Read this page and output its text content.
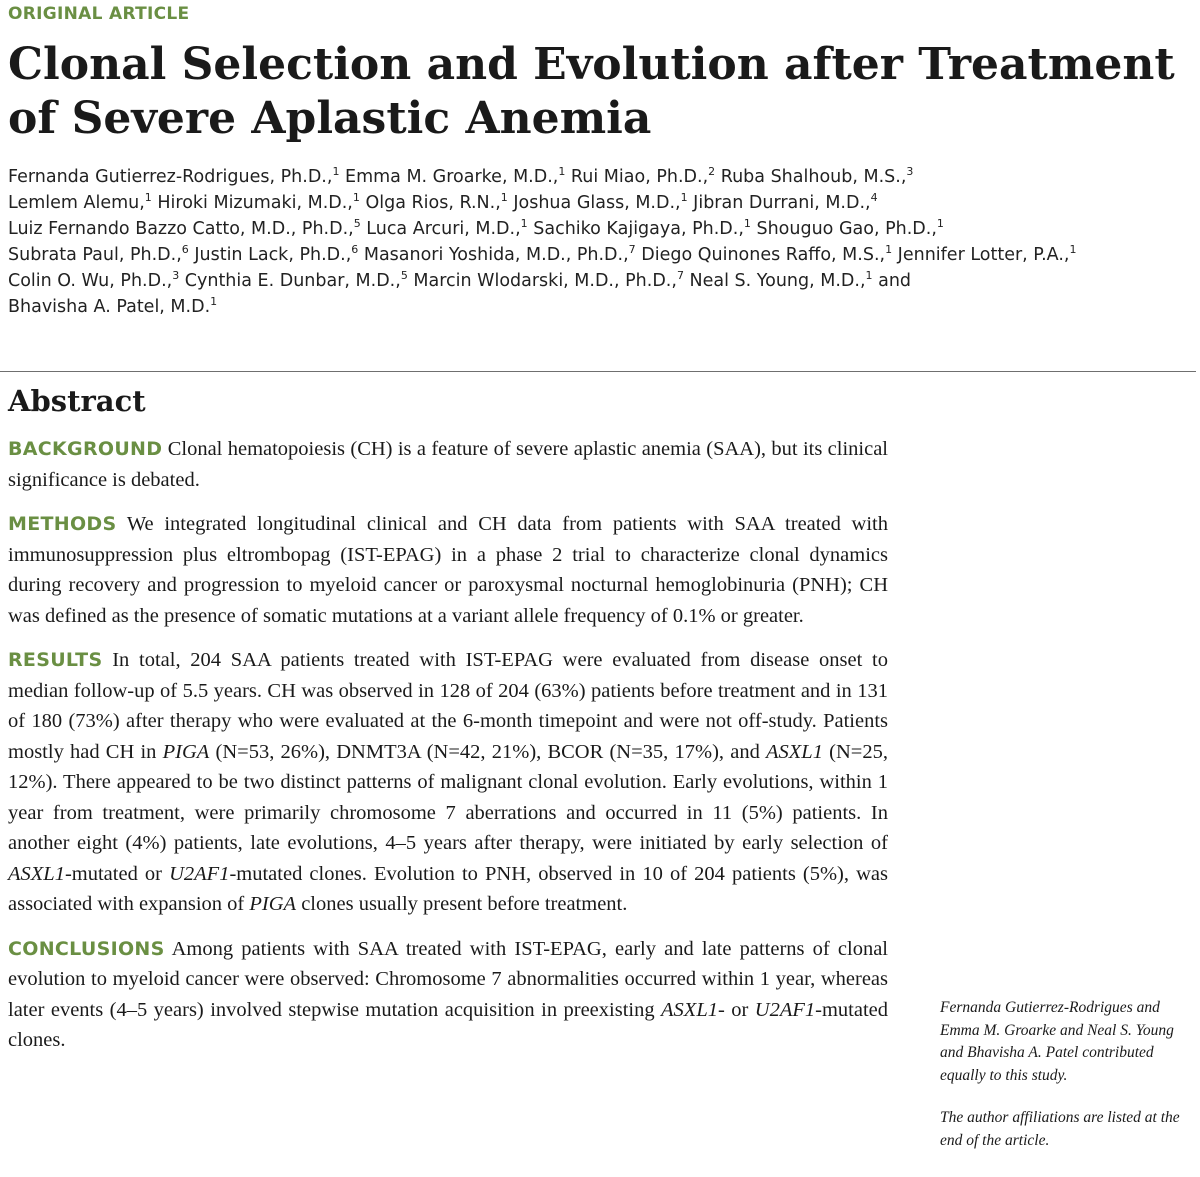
ORIGINAL ARTICLE
Clonal Selection and Evolution after Treatment of Severe Aplastic Anemia

Fernanda Gutierrez-Rodrigues, Ph.D.,$^1$ Emma M. Groarke, M.D.,$^1$ Rui Miao, Ph.D.,$^2$ Ruba Shalhoub, M.S.,$^3$
Lemlem Alemu,$^1$ Hiroki Mizumaki, M.D.,$^1$ Olga Rios, R.N.,$^1$ Joshua Glass, M.D.,$^1$ Jibran Durrani, M.D.,$^4$
Luiz Fernando Bazzo Catto, M.D., Ph.D.,$^5$ Luca Arcuri, M.D.,$^1$ Sachiko Kajigaya, Ph.D.,$^1$ Shouguo Gao, Ph.D.,$^1$
Subrata Paul, Ph.D.,$^6$ Justin Lack, Ph.D.,$^6$ Masanori Yoshida, M.D., Ph.D.,$^7$ Diego Quinones Raffo, M.S.,$^1$ Jennifer Lotter, P.A.,$^1$
Colin O. Wu, Ph.D.,$^3$ Cynthia E. Dunbar, M.D.,$^5$ Marcin Wlodarski, M.D., Ph.D.,$^7$ Neal S. Young, M.D.,$^1$ and
Bhavisha A. Patel, M.D.$^1$

Abstract

BACKGROUND Clonal hematopoiesis (CH) is a feature of severe aplastic anemia (SAA), but its clinical significance is debated.

METHODS We integrated longitudinal clinical and CH data from patients with SAA treated with immunosuppression plus eltrombopag (IST-EPAG) in a phase 2 trial to characterize clonal dynamics during recovery and progression to myeloid cancer or paroxysmal nocturnal hemoglobinuria (PNH); CH was defined as the presence of somatic mutations at a variant allele frequency of 0.1% or greater.

RESULTS In total, 204 SAA patients treated with IST-EPAG were evaluated from disease onset to median follow-up of 5.5 years. CH was observed in 128 of 204 (63%) patients before treatment and in 131 of 180 (73%) after therapy who were evaluated at the 6-month timepoint and were not off-study. Patients mostly had CH in PIGA (N=53, 26%), DNMT3A (N=42, 21%), BCOR (N=35, 17%), and ASXL1 (N=25, 12%). There appeared to be two distinct patterns of malignant clonal evolution. Early evolutions, within 1 year from treatment, were primarily chromosome 7 aberrations and occurred in 11 (5%) patients. In another eight (4%) patients, late evolutions, 4–5 years after therapy, were initiated by early selection of ASXL1-mutated or U2AF1-mutated clones. Evolution to PNH, observed in 10 of 204 patients (5%), was associated with expansion of PIGA clones usually present before treatment.

CONCLUSIONS Among patients with SAA treated with IST-EPAG, early and late patterns of clonal evolution to myeloid cancer were observed: Chromosome 7 abnormalities occurred within 1 year, whereas later events (4–5 years) involved stepwise mutation acquisition in preexisting ASXL1- or U2AF1-mutated clones.

Fernanda Gutierrez-Rodrigues and Emma M. Groarke and Neal S. Young and Bhavisha A. Patel contributed equally to this study.

The author affiliations are listed at the end of the article.
